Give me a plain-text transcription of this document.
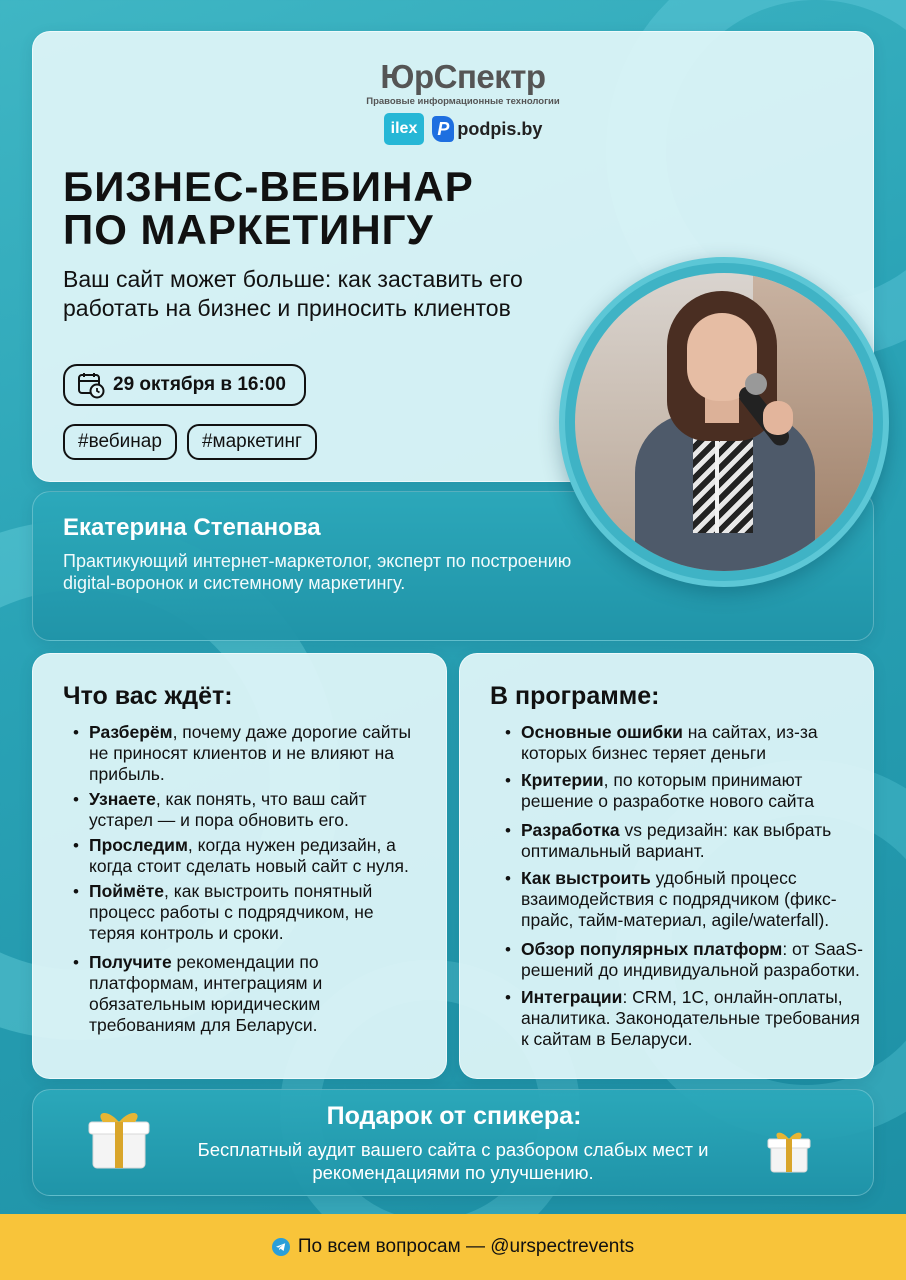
ЮрСпектр
Правовые информационные технологии
ilex	P podpis.by
БИЗНЕС-ВЕБИНАР
ПО МАРКЕТИНГУ
Ваш сайт может больше: как заставить его работать на бизнес и приносить клиентов
29 октября в 16:00
#вебинар	#маркетинг
Екатерина Степанова
Практикующий интернет-маркетолог, эксперт по построению digital-воронок и системному маркетингу.
Что вас ждёт:
• Разберём, почему даже дорогие сайты не приносят клиентов и не влияют на прибыль.
• Узнаете, как понять, что ваш сайт устарел — и пора обновить его.
• Проследим, когда нужен редизайн, а когда стоит сделать новый сайт с нуля.
• Поймёте, как выстроить понятный процесс работы с подрядчиком, не теряя контроль и сроки.
• Получите рекомендации по платформам, интеграциям и обязательным юридическим требованиям для Беларуси.
В программе:
• Основные ошибки на сайтах, из-за которых бизнес теряет деньги
• Критерии, по которым принимают решение о разработке нового сайта
• Разработка vs редизайн: как выбрать оптимальный вариант.
• Как выстроить удобный процесс взаимодействия с подрядчиком (фикс-прайс, тайм-материал, agile/waterfall).
• Обзор популярных платформ: от SaaS-решений до индивидуальной разработки.
• Интеграции: CRM, 1С, онлайн-оплаты, аналитика. Законодательные требования к сайтам в Беларуси.
Подарок от спикера:
Бесплатный аудит вашего сайта с разбором слабых мест и рекомендациями по улучшению.
По всем вопросам — @urspectrevents
